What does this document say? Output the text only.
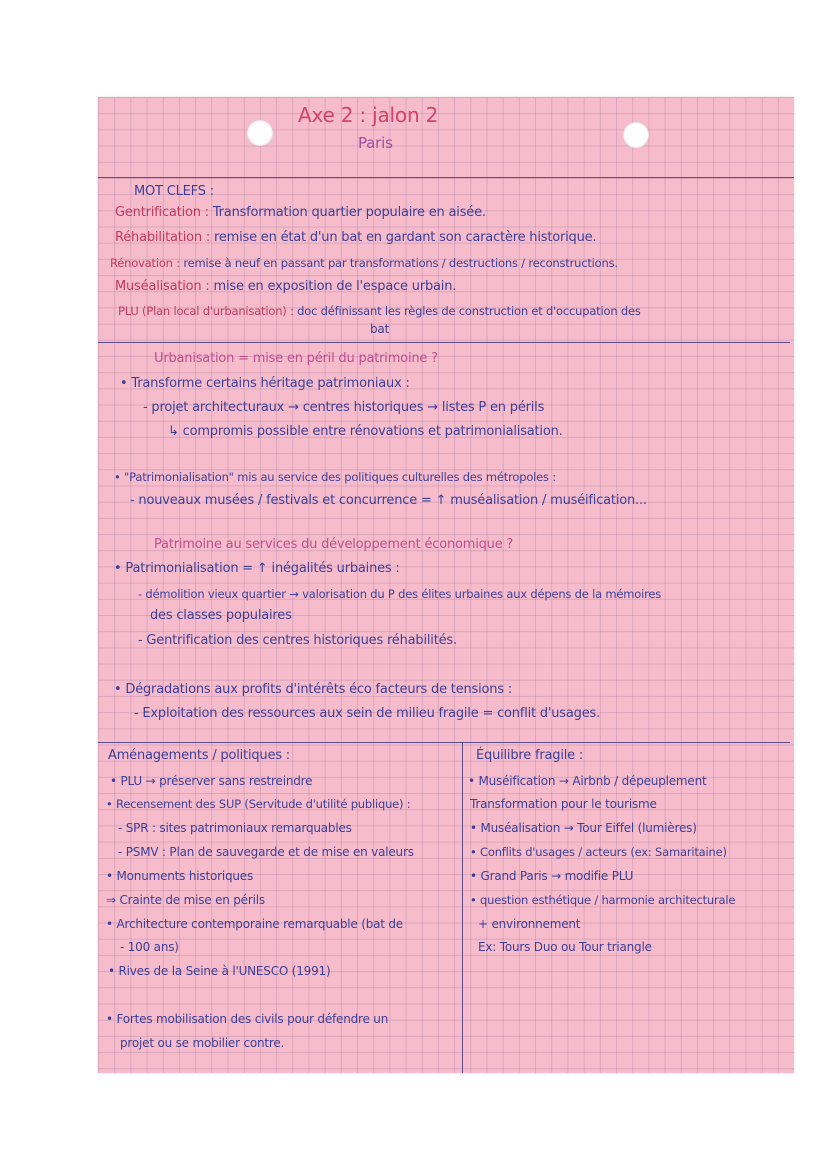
Axe 2 : jalon 2
Paris
MOT CLEFS :
Gentrification : Transformation quartier populaire en aisée.
Réhabilitation : remise en état d'un bat en gardant son caractère historique.
Rénovation : remise à neuf en passant par transformations / destructions / reconstructions.
Muséalisation : mise en exposition de l'espace urbain.
PLU (Plan local d'urbanisation) : doc définissant les règles de construction et d'occupation des
bat
Urbanisation = mise en péril du patrimoine ?
• Transforme certains héritage patrimoniaux :
- projet architecturaux → centres historiques → listes P en périls
↳ compromis possible entre rénovations et patrimonialisation.
• "Patrimonialisation" mis au service des politiques culturelles des métropoles :
- nouveaux musées / festivals et concurrence = ↑ muséalisation / muséification...
Patrimoine au services du développement économique ?
• Patrimonialisation = ↑ inégalités urbaines :
- démolition vieux quartier → valorisation du P des élites urbaines aux dépens de la mémoires
des classes populaires
- Gentrification des centres historiques réhabilités.
• Dégradations aux profits d'intérêts éco facteurs de tensions :
- Exploitation des ressources aux sein de milieu fragile = conflit d'usages.
Aménagements / politiques :
• PLU → préserver sans restreindre
• Recensement des SUP (Servitude d'utilité publique) :
- SPR : sites patrimoniaux remarquables
- PSMV : Plan de sauvegarde et de mise en valeurs
• Monuments historiques
⇒ Crainte de mise en périls
• Architecture contemporaine remarquable (bat de
- 100 ans)
• Rives de la Seine à l'UNESCO (1991)
• Fortes mobilisation des civils pour défendre un
projet ou se mobilier contre.
Équilibre fragile :
• Muséification → Airbnb / dépeuplement
Transformation pour le tourisme
• Muséalisation → Tour Eiffel (lumières)
• Conflits d'usages / acteurs (ex: Samaritaine)
• Grand Paris → modifie PLU
• question esthétique / harmonie architecturale
+ environnement
Ex: Tours Duo ou Tour triangle
